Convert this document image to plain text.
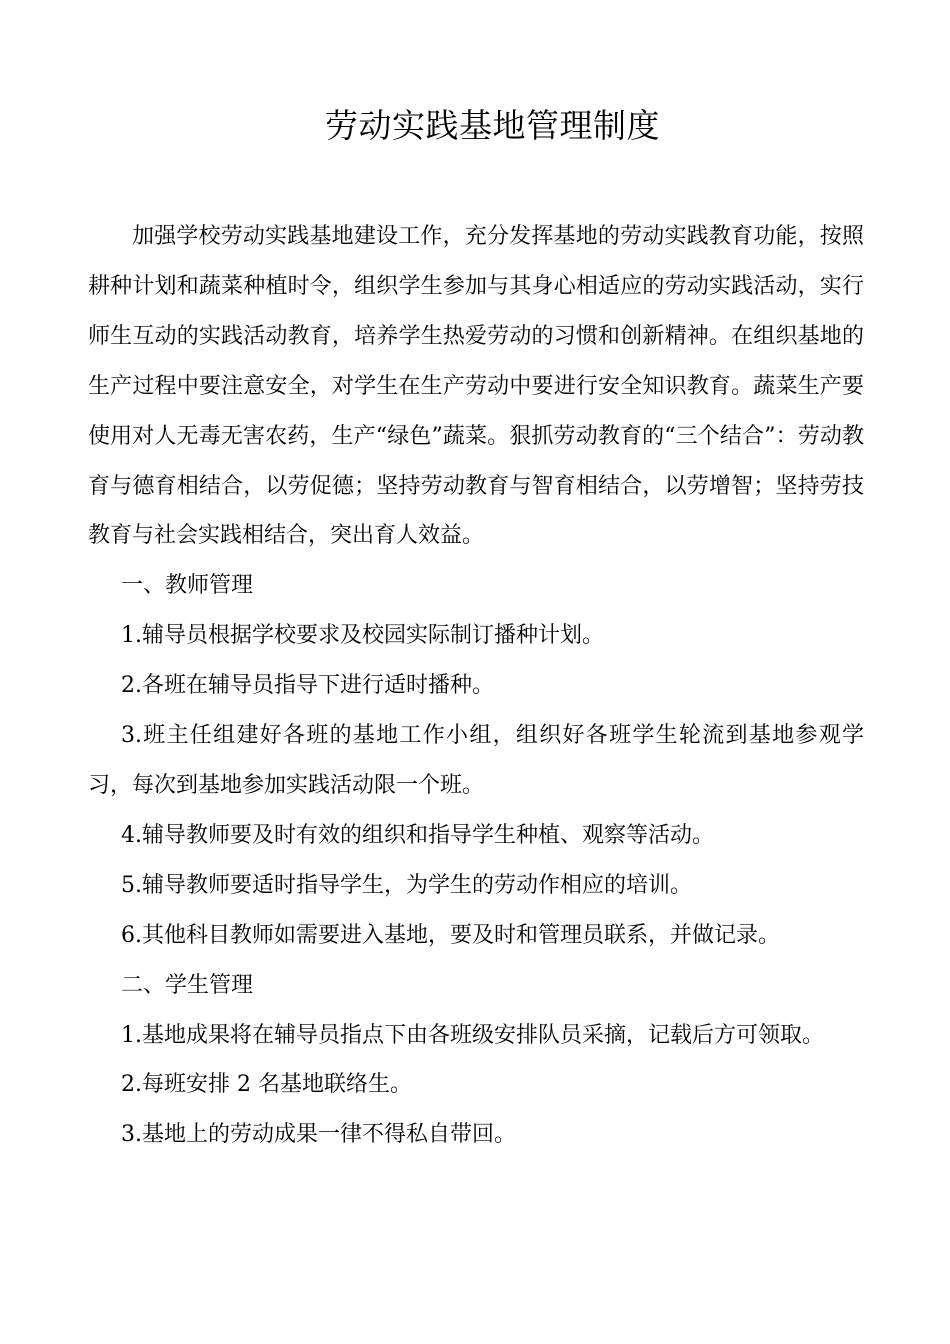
劳动实践基地管理制度

加强学校劳动实践基地建设工作，充分发挥基地的劳动实践教育功能，按照耕种计划和蔬菜种植时令，组织学生参加与其身心相适应的劳动实践活动，实行师生互动的实践活动教育，培养学生热爱劳动的习惯和创新精神。在组织基地的生产过程中要注意安全，对学生在生产劳动中要进行安全知识教育。蔬菜生产要使用对人无毒无害农药，生产“绿色”蔬菜。狠抓劳动教育的“三个结合”：劳动教育与德育相结合，以劳促德；坚持劳动教育与智育相结合，以劳增智；坚持劳技教育与社会实践相结合，突出育人效益。

一、教师管理

1.辅导员根据学校要求及校园实际制订播种计划。

2.各班在辅导员指导下进行适时播种。

3.班主任组建好各班的基地工作小组，组织好各班学生轮流到基地参观学习，每次到基地参加实践活动限一个班。

4.辅导教师要及时有效的组织和指导学生种植、观察等活动。

5.辅导教师要适时指导学生，为学生的劳动作相应的培训。

6.其他科目教师如需要进入基地，要及时和管理员联系，并做记录。

二、学生管理

1.基地成果将在辅导员指点下由各班级安排队员采摘，记载后方可领取。

2.每班安排 2 名基地联络生。

3.基地上的劳动成果一律不得私自带回。
